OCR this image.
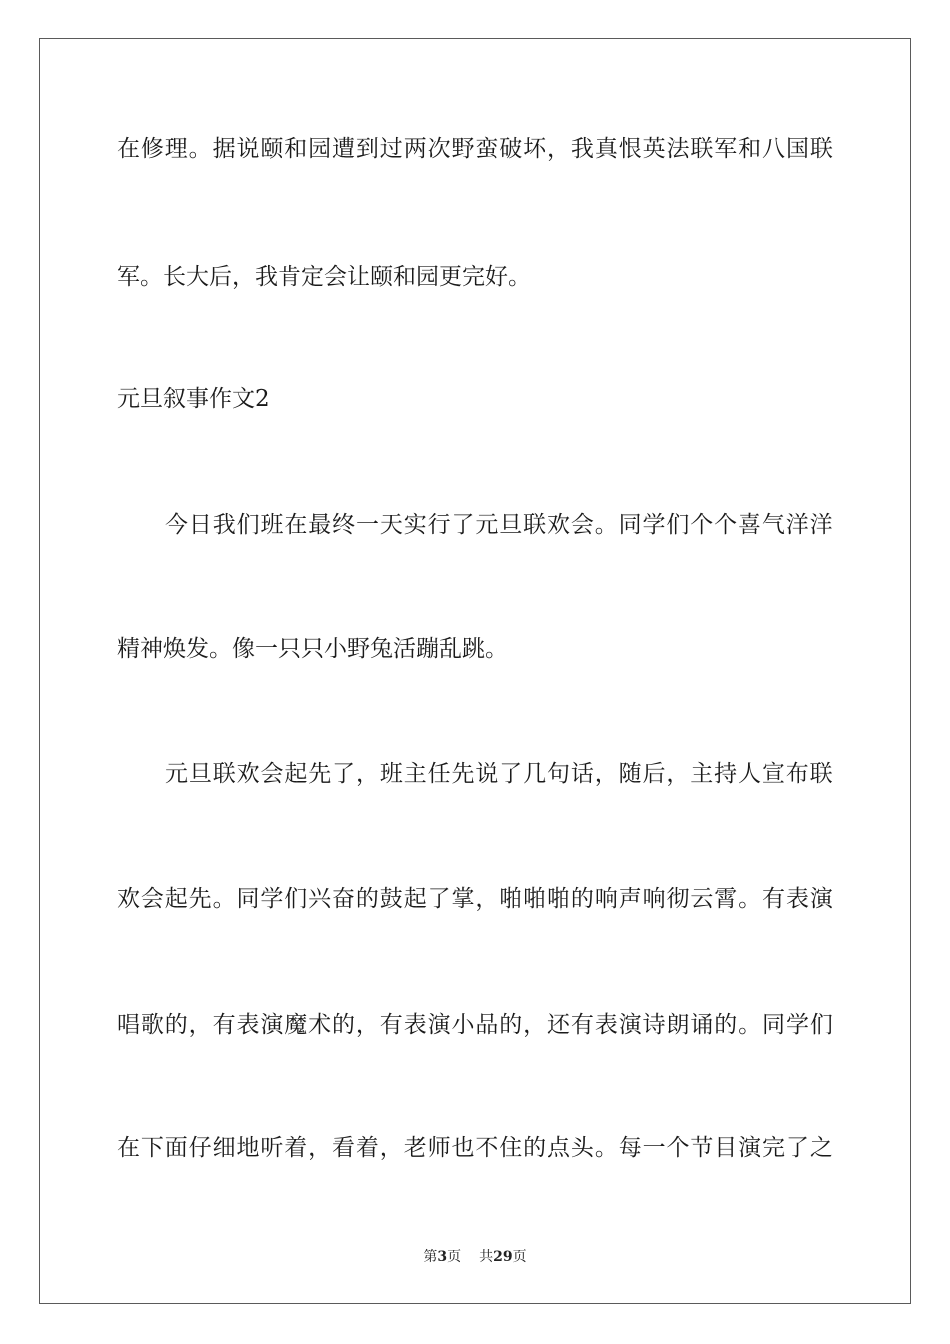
在 修 理 。 据 说 颐 和 园 遭 到 过 两 次 野 蛮 破 坏 ， 我 真 恨 英 法 联 军 和 八 国 联
军。长大后，我肯定会让颐和园更完好。
元旦叙事作文2
今 日 我 们 班 在 最 终 一 天 实 行 了 元 旦 联 欢 会 。 同 学 们 个 个 喜 气 洋 洋
精神焕发。像一只只小野兔活蹦乱跳。
元 旦 联 欢 会 起 先 了 ， 班 主 任 先 说 了 几 句 话 ， 随 后 ， 主 持 人 宣 布 联
欢 会 起 先 。 同 学 们 兴 奋 的 鼓 起 了 掌 ， 啪 啪 啪 的 响 声 响 彻 云 霄 。 有 表 演
唱 歌 的 ， 有 表 演 魔 术 的 ， 有 表 演 小 品 的 ， 还 有 表 演 诗 朗 诵 的 。 同 学 们
在 下 面 仔 细 地 听 着 ， 看 着 ， 老 师 也 不 住 的 点 头 。 每 一 个 节 目 演 完 了 之
第3页 共29页
